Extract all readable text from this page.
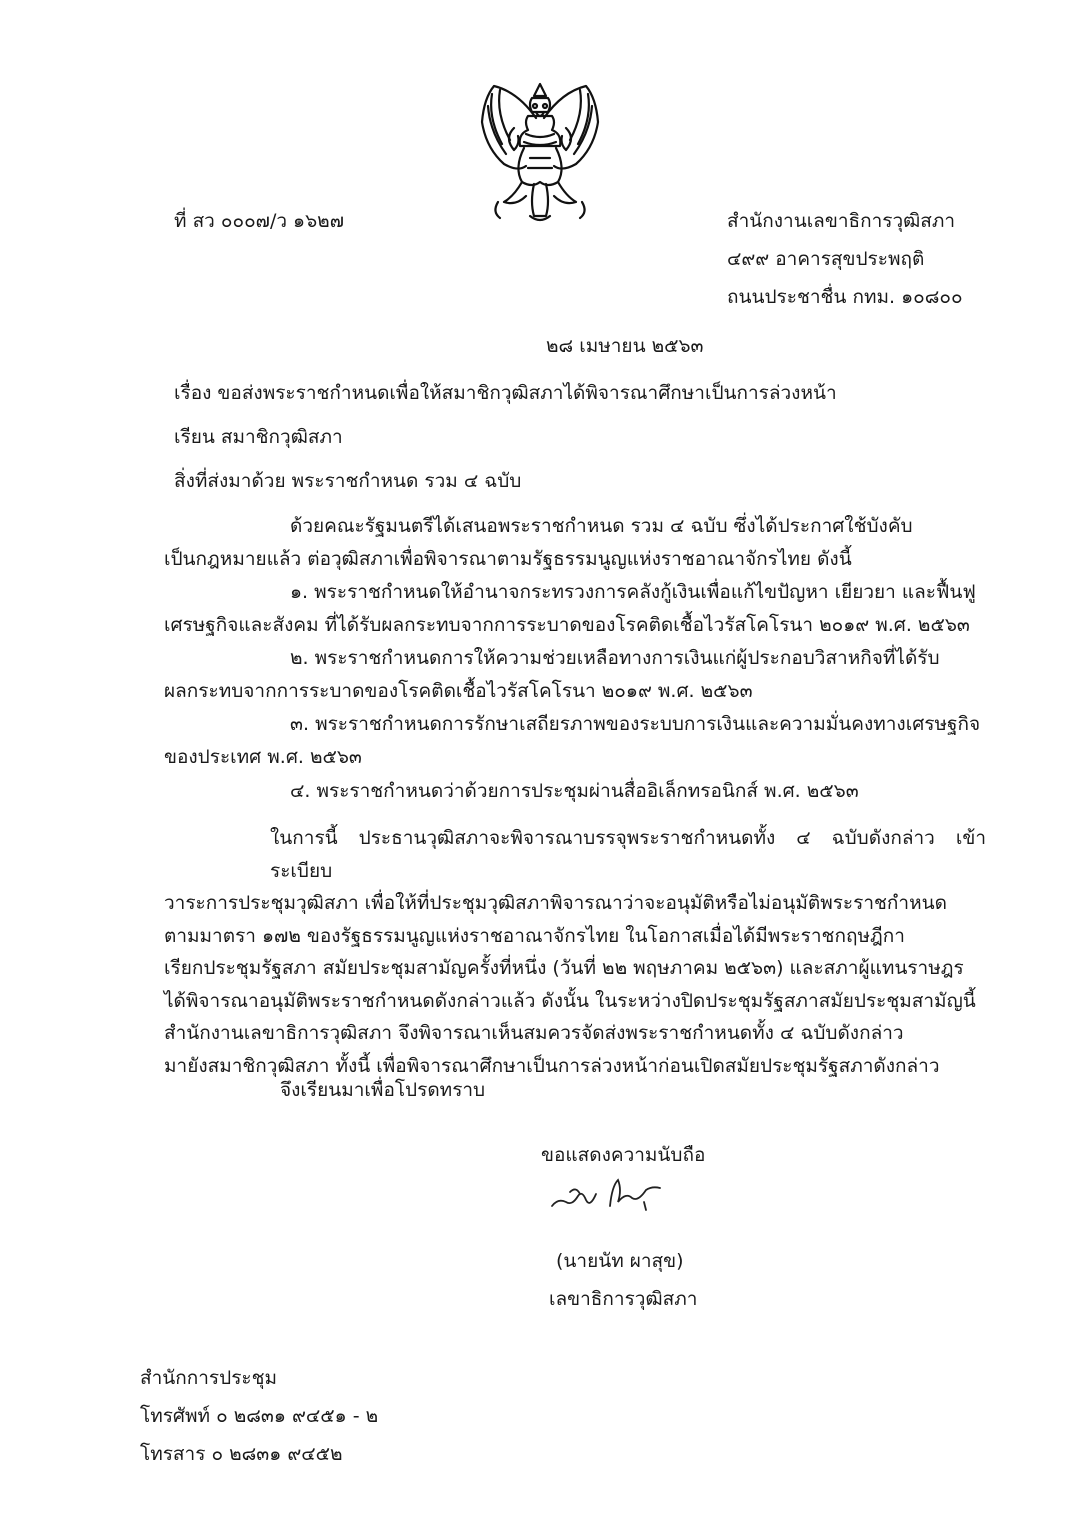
ที่ สว ๐๐๐๗/ว ๑๖๒๗	สำนักงานเลขาธิการวุฒิสภา
๔๙๙ อาคารสุขประพฤติ
ถนนประชาชื่น กทม. ๑๐๘๐๐
๒๘ เมษายน ๒๕๖๓
เรื่อง ขอส่งพระราชกำหนดเพื่อให้สมาชิกวุฒิสภาได้พิจารณาศึกษาเป็นการล่วงหน้า
เรียน สมาชิกวุฒิสภา
สิ่งที่ส่งมาด้วย พระราชกำหนด รวม ๔ ฉบับ
ด้วยคณะรัฐมนตรีได้เสนอพระราชกำหนด รวม ๔ ฉบับ ซึ่งได้ประกาศใช้บังคับ
เป็นกฎหมายแล้ว ต่อวุฒิสภาเพื่อพิจารณาตามรัฐธรรมนูญแห่งราชอาณาจักรไทย ดังนี้
๑. พระราชกำหนดให้อำนาจกระทรวงการคลังกู้เงินเพื่อแก้ไขปัญหา เยียวยา และฟื้นฟู
เศรษฐกิจและสังคม ที่ได้รับผลกระทบจากการระบาดของโรคติดเชื้อไวรัสโคโรนา ๒๐๑๙ พ.ศ. ๒๕๖๓
๒. พระราชกำหนดการให้ความช่วยเหลือทางการเงินแก่ผู้ประกอบวิสาหกิจที่ได้รับ
ผลกระทบจากการระบาดของโรคติดเชื้อไวรัสโคโรนา ๒๐๑๙ พ.ศ. ๒๕๖๓
๓. พระราชกำหนดการรักษาเสถียรภาพของระบบการเงินและความมั่นคงทางเศรษฐกิจ
ของประเทศ พ.ศ. ๒๕๖๓
๔. พระราชกำหนดว่าด้วยการประชุมผ่านสื่ออิเล็กทรอนิกส์ พ.ศ. ๒๕๖๓
ในการนี้ ประธานวุฒิสภาจะพิจารณาบรรจุพระราชกำหนดทั้ง ๔ ฉบับดังกล่าว เข้าระเบียบ
วาระการประชุมวุฒิสภา เพื่อให้ที่ประชุมวุฒิสภาพิจารณาว่าจะอนุมัติหรือไม่อนุมัติพระราชกำหนด
ตามมาตรา ๑๗๒ ของรัฐธรรมนูญแห่งราชอาณาจักรไทย ในโอกาสเมื่อได้มีพระราชกฤษฎีกา
เรียกประชุมรัฐสภา สมัยประชุมสามัญครั้งที่หนึ่ง (วันที่ ๒๒ พฤษภาคม ๒๕๖๓) และสภาผู้แทนราษฎร
ได้พิจารณาอนุมัติพระราชกำหนดดังกล่าวแล้ว ดังนั้น ในระหว่างปิดประชุมรัฐสภาสมัยประชุมสามัญนี้
สำนักงานเลขาธิการวุฒิสภา จึงพิจารณาเห็นสมควรจัดส่งพระราชกำหนดทั้ง ๔ ฉบับดังกล่าว
มายังสมาชิกวุฒิสภา ทั้งนี้ เพื่อพิจารณาศึกษาเป็นการล่วงหน้าก่อนเปิดสมัยประชุมรัฐสภาดังกล่าว
จึงเรียนมาเพื่อโปรดทราบ
ขอแสดงความนับถือ
(นายนัท ผาสุข)
เลขาธิการวุฒิสภา
สำนักการประชุม
โทรศัพท์ ๐ ๒๘๓๑ ๙๔๕๑ - ๒
โทรสาร ๐ ๒๘๓๑ ๙๔๕๒
